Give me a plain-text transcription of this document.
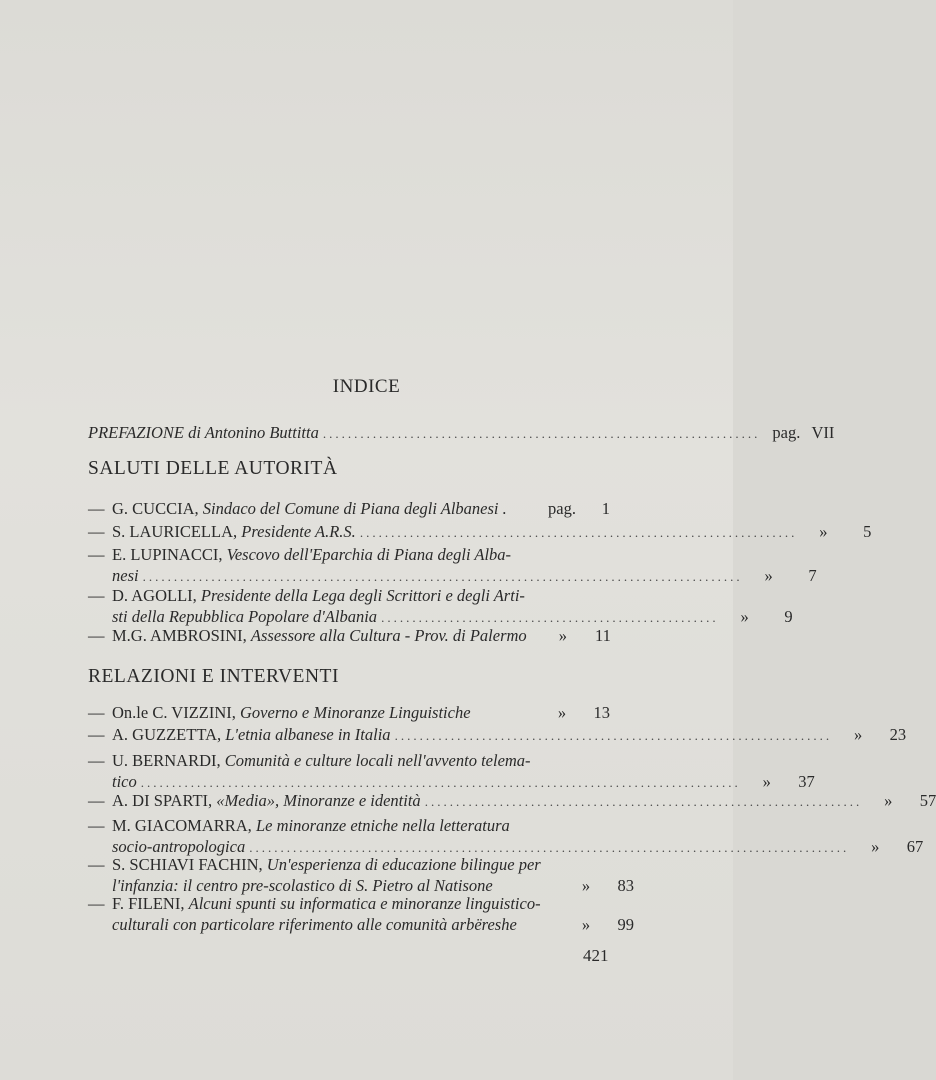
INDICE
PREFAZIONE di Antonino Buttitta ...................................................................... pag. VII
SALUTI DELLE AUTORITÀ
— G. CUCCIA, Sindaco del Comune di Piana degli Albanesi .	pag.	1
— S. LAURICELLA, Presidente A.R.S. ......................................................................	»	5
— E. LUPINACCI, Vescovo dell'Eparchia di Piana degli Alba-
nesi ................................................................................................	»	7
— D. AGOLLI, Presidente della Lega degli Scrittori e degli Arti-
sti della Repubblica Popolare d'Albania ......................................................	»	9
— M.G. AMBROSINI, Assessore alla Cultura - Prov. di Palermo	»	11
RELAZIONI E INTERVENTI
— On.le C. VIZZINI, Governo e Minoranze Linguistiche	»	13
— A. GUZZETTA, L'etnia albanese in Italia ......................................................................	»	23
— U. BERNARDI, Comunità e culture locali nell'avvento telema-
tico ................................................................................................	»	37
— A. DI SPARTI, «Media», Minoranze e identità ......................................................................	»	57
— M. GIACOMARRA, Le minoranze etniche nella letteratura
socio-antropologica ................................................................................................	»	67
— S. SCHIAVI FACHIN, Un'esperienza di educazione bilingue per
l'infanzia: il centro pre-scolastico di S. Pietro al Natisone	»	83
— F. FILENI, Alcuni spunti su informatica e minoranze linguistico-
culturali con particolare riferimento alle comunità arbëreshe	»	99
421
